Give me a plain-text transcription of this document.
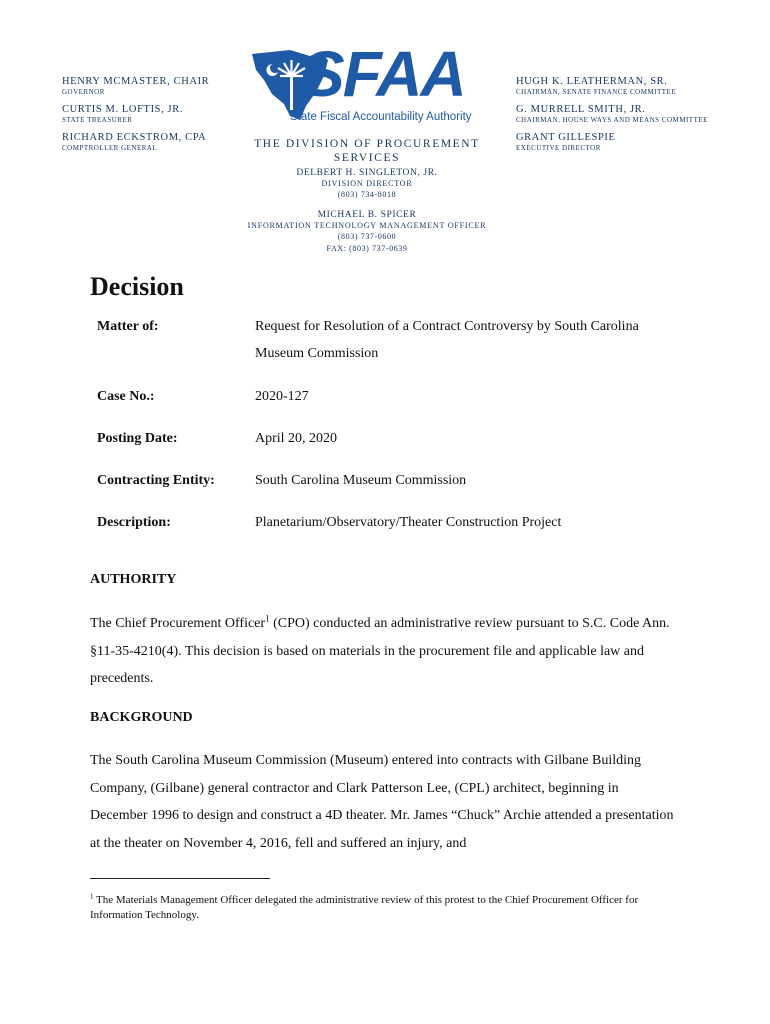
HENRY MCMASTER, CHAIR
GOVERNOR
CURTIS M. LOFTIS, JR.
STATE TREASURER
RICHARD ECKSTROM, CPA
COMPTROLLER GENERAL
HUGH K. LEATHERMAN, SR.
CHAIRMAN, SENATE FINANCE COMMITTEE
G. MURRELL SMITH, JR.
CHAIRMAN, HOUSE WAYS AND MEANS COMMITTEE
GRANT GILLESPIE
EXECUTIVE DIRECTOR
SFAA
State Fiscal Accountability Authority
THE DIVISION OF PROCUREMENT SERVICES
DELBERT H. SINGLETON, JR.
DIVISION DIRECTOR
(803) 734-8018
MICHAEL B. SPICER
INFORMATION TECHNOLOGY MANAGEMENT OFFICER
(803) 737-0600
FAX: (803) 737-0639
Decision
Matter of:	Request for Resolution of a Contract Controversy by South Carolina Museum Commission
Case No.:	2020-127
Posting Date:	April 20, 2020
Contracting Entity:	South Carolina Museum Commission
Description:	Planetarium/Observatory/Theater Construction Project
AUTHORITY
The Chief Procurement Officer$^1$ (CPO) conducted an administrative review pursuant to S.C. Code Ann. §11-35-4210(4). This decision is based on materials in the procurement file and applicable law and precedents.
BACKGROUND
The South Carolina Museum Commission (Museum) entered into contracts with Gilbane Building Company, (Gilbane) general contractor and Clark Patterson Lee, (CPL) architect, beginning in December 1996 to design and construct a 4D theater. Mr. James “Chuck” Archie attended a presentation at the theater on November 4, 2016, fell and suffered an injury, and
$^1$ The Materials Management Officer delegated the administrative review of this protest to the Chief Procurement Officer for Information Technology.
